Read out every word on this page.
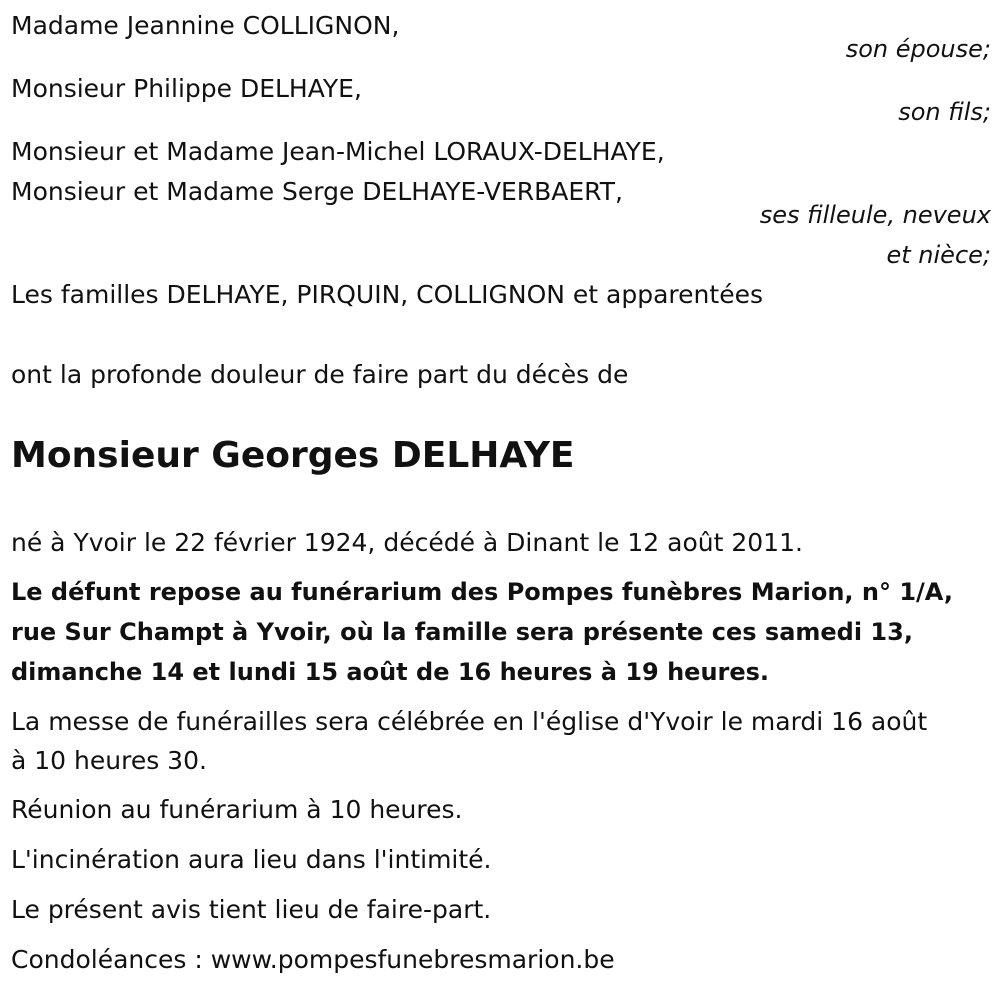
Madame Jeannine COLLIGNON,

son épouse;

Monsieur Philippe DELHAYE,

son fils;

Monsieur et Madame Jean-Michel LORAUX-DELHAYE,

Monsieur et Madame Serge DELHAYE-VERBAERT,

ses filleule, neveux

et nièce;

Les familles DELHAYE, PIRQUIN, COLLIGNON et apparentées

ont la profonde douleur de faire part du décès de

Monsieur Georges DELHAYE

né à Yvoir le 22 février 1924, décédé à Dinant le 12 août 2011.

Le défunt repose au funérarium des Pompes funèbres Marion, n° 1/A,

rue Sur Champt à Yvoir, où la famille sera présente ces samedi 13,

dimanche 14 et lundi 15 août de 16 heures à 19 heures.

La messe de funérailles sera célébrée en l'église d'Yvoir le mardi 16 août

à 10 heures 30.

Réunion au funérarium à 10 heures.

L'incinération aura lieu dans l'intimité.

Le présent avis tient lieu de faire-part.

Condoléances : www.pompesfunebresmarion.be
